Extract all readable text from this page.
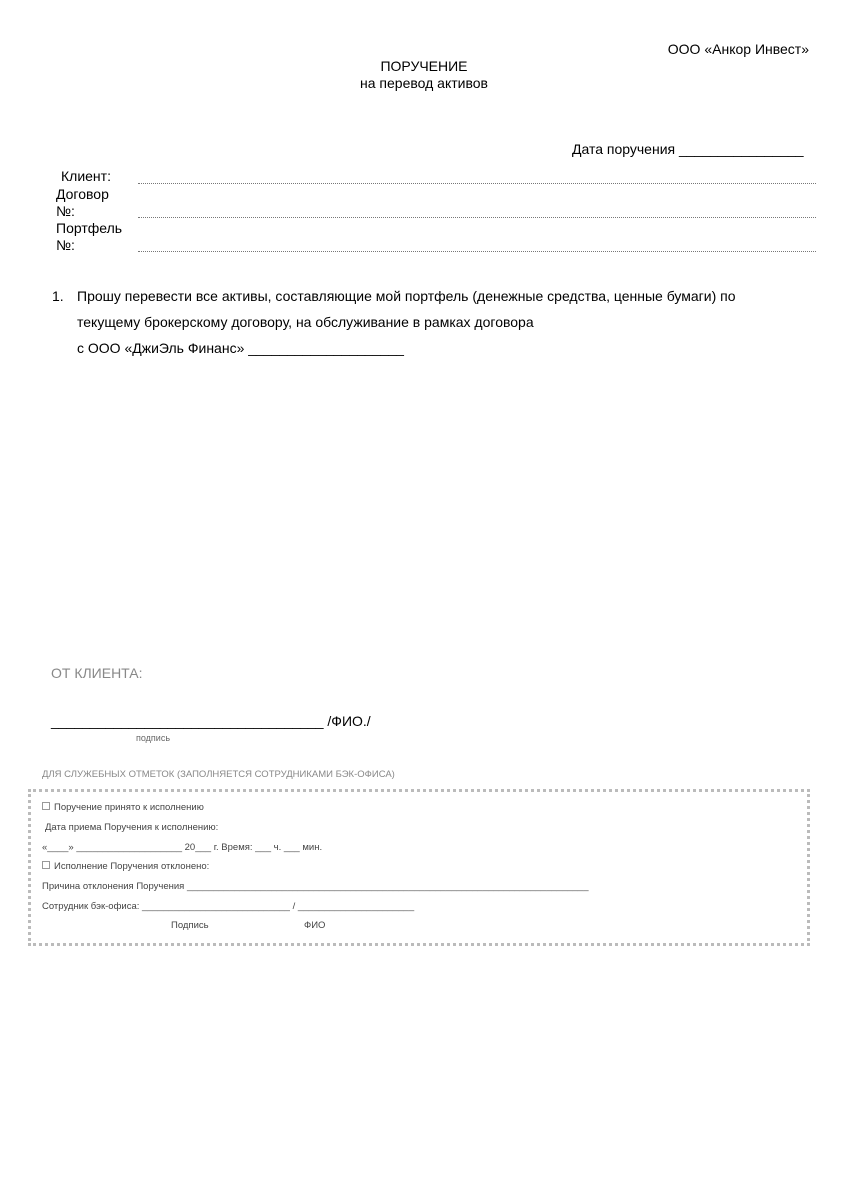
ООО «Анкор Инвест»
ПОРУЧЕНИЕ
на перевод активов
Дата поручения ________________
Клиент:
Договор
№:
Портфель
№:
1. Прошу перевести все активы, составляющие мой портфель (денежные средства, ценные бумаги) по
текущему брокерскому договору, на обслуживание в рамках договора
с ООО «ДжиЭль Финанс» ____________________
ОТ КЛИЕНТА:
___________________________________ /ФИО./
подпись
ДЛЯ СЛУЖЕБНЫХ ОТМЕТОК (ЗАПОЛНЯЕТСЯ СОТРУДНИКАМИ БЭК-ОФИСА)
Поручение принято к исполнению
Дата приема Поручения к исполнению:
«____» ____________________ 20___ г. Время: ___ ч. ___ мин.
Исполнение Поручения отклонено:
Причина отклонения Поручения ____________________________________________________________________________
Сотрудник бэк-офиса: ____________________________ / ______________________
Подпись	ФИО
